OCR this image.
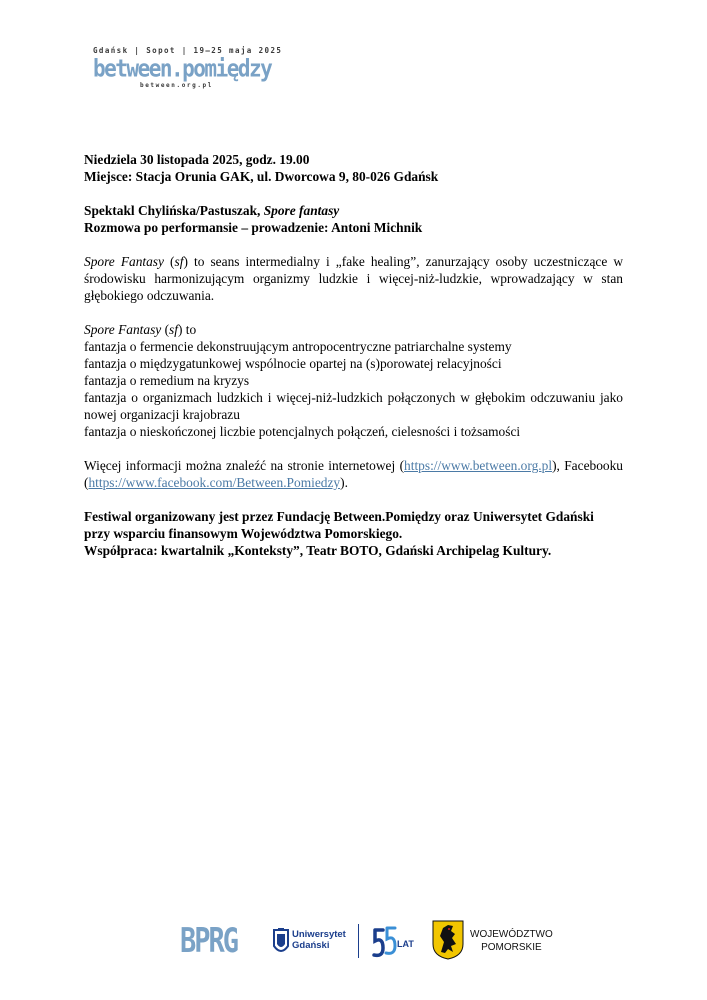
Gdańsk | Sopot | 19–25 maja 2025
between.pomiędzy
between.org.pl

Niedziela 30 listopada 2025, godz. 19.00

Miejsce: Stacja Orunia GAK, ul. Dworcowa 9, 80-026 Gdańsk

Spektakl Chylińska/Pastuszak, Spore fantasy

Rozmowa po performansie – prowadzenie: Antoni Michnik

Spore Fantasy (sf) to seans intermedialny i „fake healing”, zanurzający osoby uczestniczące w środowisku harmonizującym organizmy ludzkie i więcej-niż-ludzkie, wprowadzający w stan głębokiego odczuwania.

Spore Fantasy (sf) to

fantazja o fermencie dekonstruującym antropocentryczne patriarchalne systemy

fantazja o międzygatunkowej wspólnocie opartej na (s)porowatej relacyjności

fantazja o remedium na kryzys

fantazja o organizmach ludzkich i więcej-niż-ludzkich połączonych w głębokim odczuwaniu jako nowej organizacji krajobrazu

fantazja o nieskończonej liczbie potencjalnych połączeń, cielesności i tożsamości

Więcej informacji można znaleźć na stronie internetowej (https://www.between.org.pl), Facebooku (https://www.facebook.com/Between.Pomiedzy).

Festiwal organizowany jest przez Fundację Between.Pomiędzy oraz Uniwersytet Gdański przy wsparciu finansowym Województwa Pomorskiego.

Współpraca: kwartalnik „Konteksty”, Teatr BOTO, Gdański Archipelag Kultury.

BPRG	Uniwersytet
Gdański	LAT
WOJEWÓDZTWO
POMORSKIE
